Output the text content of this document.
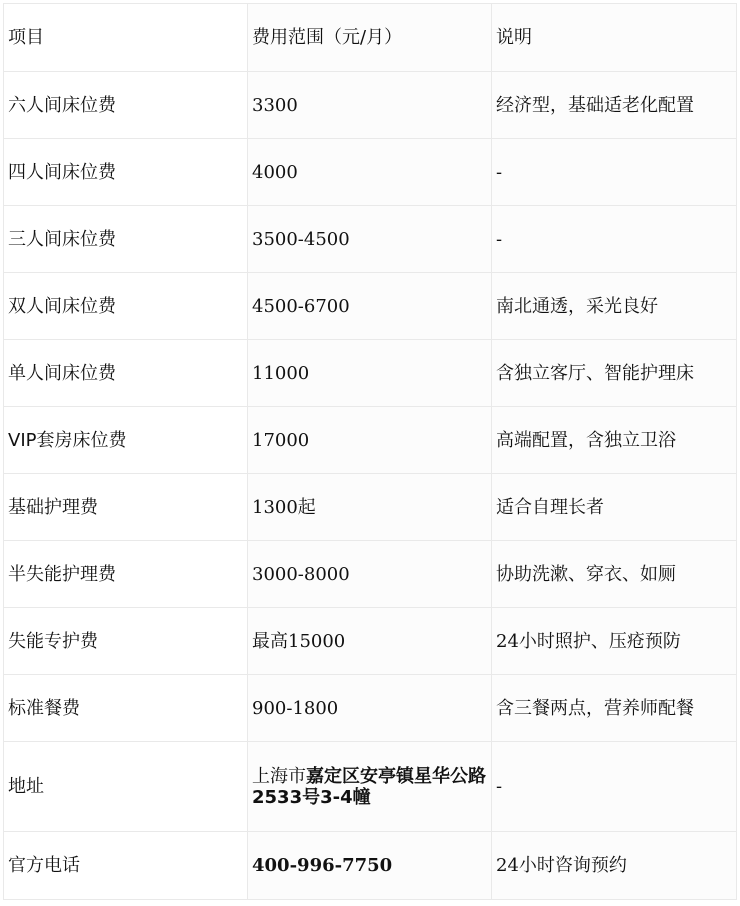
项目	费用范围（元/月）	说明
六人间床位费	3300	经济型，基础适老化配置
四人间床位费	4000	-
三人间床位费	3500-4500	-
双人间床位费	4500-6700	南北通透，采光良好
单人间床位费	11000	含独立客厅、智能护理床
VIP套房床位费	17000	高端配置，含独立卫浴
基础护理费	1300起	适合自理长者
半失能护理费	3000-8000	协助洗漱、穿衣、如厕
失能专护费	最高15000	24小时照护、压疮预防
标准餐费	900-1800	含三餐两点，营养师配餐
地址	上海市嘉定区安亭镇星华公路2533号3-4幢	-
官方电话	400-996-7750	24小时咨询预约
